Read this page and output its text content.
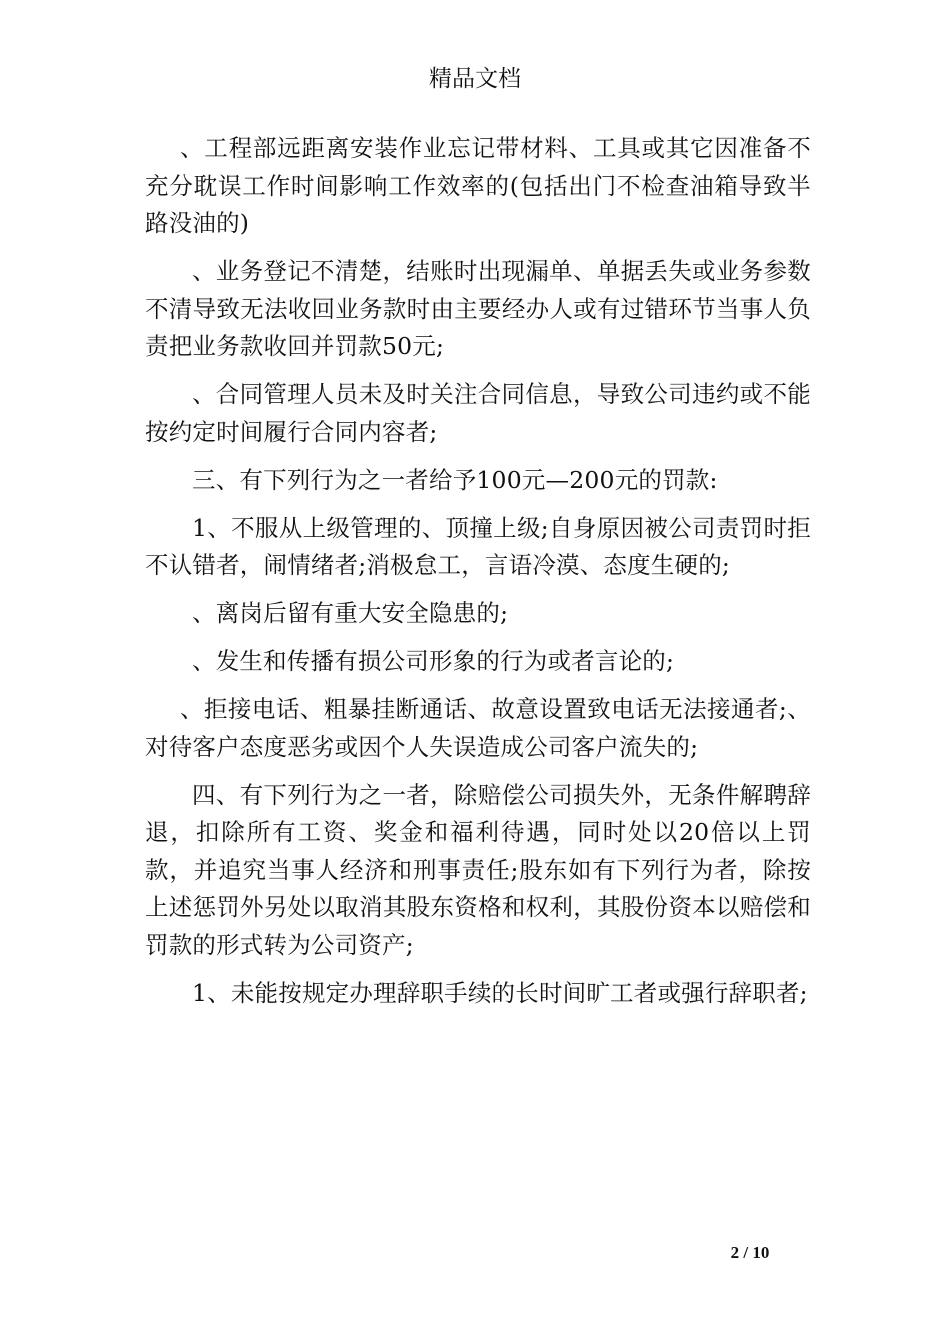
精品文档

、工程部远距离安装作业忘记带材料、工具或其它因准备不充分耽误工作时间影响工作效率的(包括出门不检查油箱导致半路没油的)

、业务登记不清楚，结账时出现漏单、单据丢失或业务参数不清导致无法收回业务款时由主要经办人或有过错环节当事人负责把业务款收回并罚款50元;

、合同管理人员未及时关注合同信息，导致公司违约或不能按约定时间履行合同内容者;

三、有下列行为之一者给予100元—200元的罚款:

1、不服从上级管理的、顶撞上级;自身原因被公司责罚时拒不认错者，闹情绪者;消极怠工，言语冷漠、态度生硬的;

、离岗后留有重大安全隐患的;

、发生和传播有损公司形象的行为或者言论的;

、拒接电话、粗暴挂断通话、故意设置致电话无法接通者;、对待客户态度恶劣或因个人失误造成公司客户流失的;

四、有下列行为之一者，除赔偿公司损失外，无条件解聘辞退，扣除所有工资、奖金和福利待遇，同时处以20倍以上罚款，并追究当事人经济和刑事责任;股东如有下列行为者，除按上述惩罚外另处以取消其股东资格和权利，其股份资本以赔偿和罚款的形式转为公司资产;

1、未能按规定办理辞职手续的长时间旷工者或强行辞职者;

2 / 10
